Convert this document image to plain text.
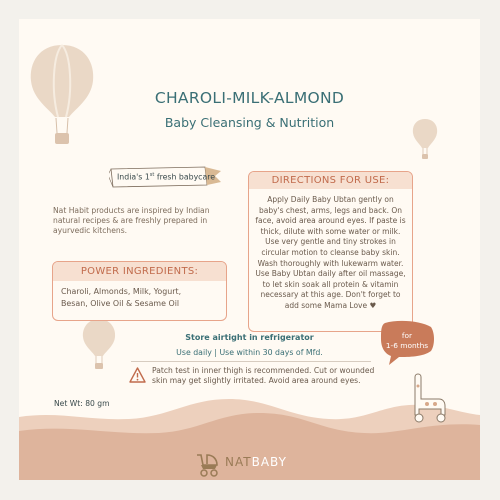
CHAROLI-MILK-ALMOND
Baby Cleansing & Nutrition
India's 1st fresh babycare
Nat Habit products are inspired by Indian natural recipes & are freshly prepared in ayurvedic kitchens.
POWER INGREDIENTS:
Charoli, Almonds, Milk, Yogurt,
Besan, Olive Oil & Sesame Oil
DIRECTIONS FOR USE:
Apply Daily Baby Ubtan gently on baby's chest, arms, legs and back. On face, avoid area around eyes. If paste is thick, dilute with some water or milk. Use very gentle and tiny strokes in circular motion to cleanse baby skin. Wash thoroughly with lukewarm water. Use Baby Ubtan daily after oil massage, to let skin soak all protein & vitamin necessary at this age. Don't forget to add some Mama Love ♥
Store airtight in refrigerator
Use daily | Use within 30 days of Mfd.
Patch test in inner thigh is recommended. Cut or wounded skin may get slightly irritated. Avoid area around eyes.
Net Wt: 80 gm
for
1-6 months
NATBABY
